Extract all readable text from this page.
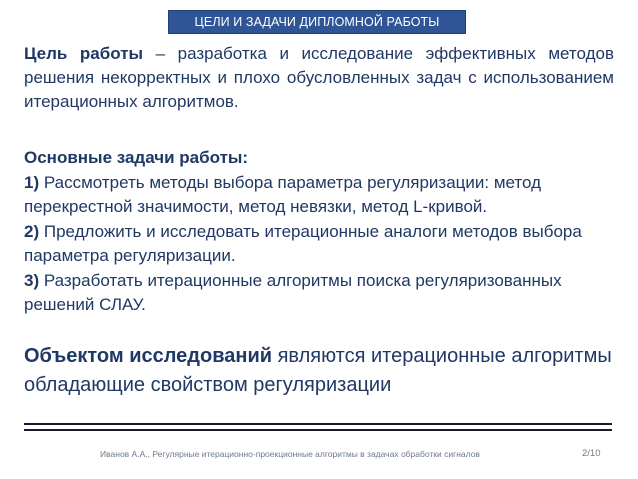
ЦЕЛИ И ЗАДАЧИ ДИПЛОМНОЙ РАБОТЫ
Цель работы – разработка и исследование эффективных методов решения некорректных и плохо обусловленных задач с использованием итерационных алгоритмов.
Основные задачи работы:

1) Рассмотреть методы выбора параметра регуляризации: метод перекрестной значимости, метод невязки, метод L-кривой.

2) Предложить и исследовать итерационные аналоги методов выбора параметра регуляризации.

3) Разработать итерационные алгоритмы поиска регуляризованных решений СЛАУ.

Объектом исследований являются итерационные алгоритмы обладающие свойством регуляризации
Иванов А.А., Регулярные итерационно-проекционные алгоритмы в задачах обработки сигналов	2/10
